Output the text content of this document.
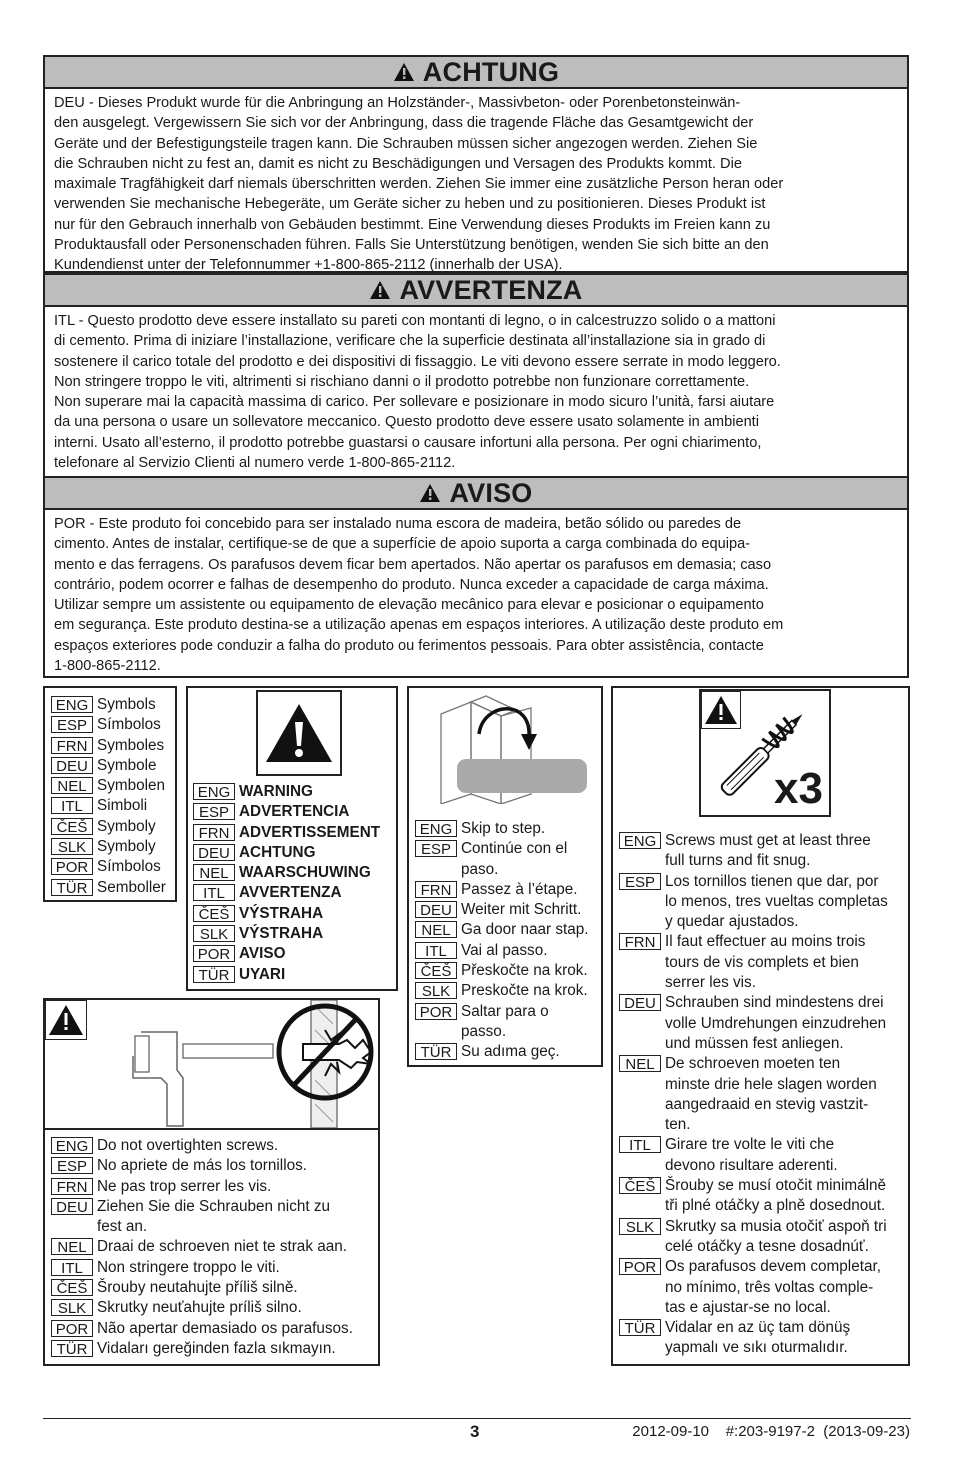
ACHTUNG
DEU - Dieses Produkt wurde für die Anbringung an Holzständer-, Massivbeton- oder Porenbetonsteinwän-
den ausgelegt. Vergewissern Sie sich vor der Anbringung, dass die tragende Fläche das Gesamtgewicht der
Geräte und der Befestigungsteile tragen kann. Die Schrauben müssen sicher angezogen werden. Ziehen Sie
die Schrauben nicht zu fest an, damit es nicht zu Beschädigungen und Versagen des Produkts kommt. Die
maximale Tragfähigkeit darf niemals überschritten werden. Ziehen Sie immer eine zusätzliche Person heran oder
verwenden Sie mechanische Hebegeräte, um Geräte sicher zu heben und zu positionieren. Dieses Produkt ist
nur für den Gebrauch innerhalb von Gebäuden bestimmt. Eine Verwendung dieses Produkts im Freien kann zu
Produktausfall oder Personenschaden führen. Falls Sie Unterstützung benötigen, wenden Sie sich bitte an den
Kundendienst unter der Telefonnummer +1-800-865-2112 (innerhalb der USA).
AVVERTENZA
ITL - Questo prodotto deve essere installato su pareti con montanti di legno, o in calcestruzzo solido o a mattoni
di cemento. Prima di iniziare l’installazione, verificare che la superficie destinata all’installazione sia in grado di
sostenere il carico totale del prodotto e dei dispositivi di fissaggio. Le viti devono essere serrate in modo leggero.
Non stringere troppo le viti, altrimenti si rischiano danni o il prodotto potrebbe non funzionare correttamente.
Non superare mai la capacità massima di carico. Per sollevare e posizionare in modo sicuro l’unità, farsi aiutare
da una persona o usare un sollevatore meccanico. Questo prodotto deve essere usato solamente in ambienti
interni. Usato all’esterno, il prodotto potrebbe guastarsi o causare infortuni alla persona. Per ogni chiarimento,
telefonare al Servizio Clienti al numero verde 1-800-865-2112.
AVISO
POR - Este produto foi concebido para ser instalado numa escora de madeira, betão sólido ou paredes de
cimento. Antes de instalar, certifique-se de que a superfície de apoio suporta a carga combinada do equipa-
mento e das ferragens. Os parafusos devem ficar bem apertados. Não apertar os parafusos em demasia; caso
contrário, podem ocorrer e falhas de desempenho do produto. Nunca exceder a capacidade de carga máxima.
Utilizar sempre um assistente ou equipamento de elevação mecânico para elevar e posicionar o equipamento
em segurança. Este produto destina-se a utilização apenas em espaços interiores. A utilização deste produto em
espaços exteriores pode conduzir a falha do produto ou ferimentos pessoais. Para obter assistência, contacte
1-800-865-2112.
ENG Symbols
ESP Símbolos
FRN Symboles
DEU Symbole
NEL Symbolen
ITL Simboli
ČEŠ Symboly
SLK Symboly
POR Símbolos
TÜR Semboller
ENG WARNING
ESP ADVERTENCIA
FRN ADVERTISSEMENT
DEU ACHTUNG
NEL WAARSCHUWING
ITL AVVERTENZA
ČEŠ VÝSTRAHA
SLK VÝSTRAHA
POR AVISO
TÜR UYARI
ENG Skip to step.
ESP Continúe con el
paso.
FRN Passez à l’étape.
DEU Weiter mit Schritt.
NEL Ga door naar stap.
ITL Vai al passo.
ČEŠ Přeskočte na krok.
SLK Preskočte na krok.
POR Saltar para o
passo.
TÜR Su adıma geç.
x3
ENG Screws must get at least three
full turns and fit snug.
ESP Los tornillos tienen que dar, por
lo menos, tres vueltas completas
y quedar ajustados.
FRN Il faut effectuer au moins trois
tours de vis complets et bien
serrer les vis.
DEU Schrauben sind mindestens drei
volle Umdrehungen einzudrehen
und müssen fest anliegen.
NEL De schroeven moeten ten
minste drie hele slagen worden
aangedraaid en stevig vastzit-
ten.
ITL Girare tre volte le viti che
devono risultare aderenti.
ČEŠ Šrouby se musí otočit minimálně
tři plné otáčky a plně dosednout.
SLK Skrutky sa musia otočiť aspoň tri
celé otáčky a tesne dosadnúť.
POR Os parafusos devem completar,
no mínimo, três voltas comple-
tas e ajustar-se no local.
TÜR Vidalar en az üç tam dönüş
yapmalı ve sıkı oturmalıdır.
ENG Do not overtighten screws.
ESP No apriete de más los tornillos.
FRN Ne pas trop serrer les vis.
DEU Ziehen Sie die Schrauben nicht zu
fest an.
NEL Draai de schroeven niet te strak aan.
ITL Non stringere troppo le viti.
ČEŠ Šrouby neutahujte příliš silně.
SLK Skrutky neuťahujte príliš silno.
POR Não apertar demasiado os parafusos.
TÜR Vidaları gereğinden fazla sıkmayın.
3	2012-09-10    #:203-9197-2  (2013-09-23)
